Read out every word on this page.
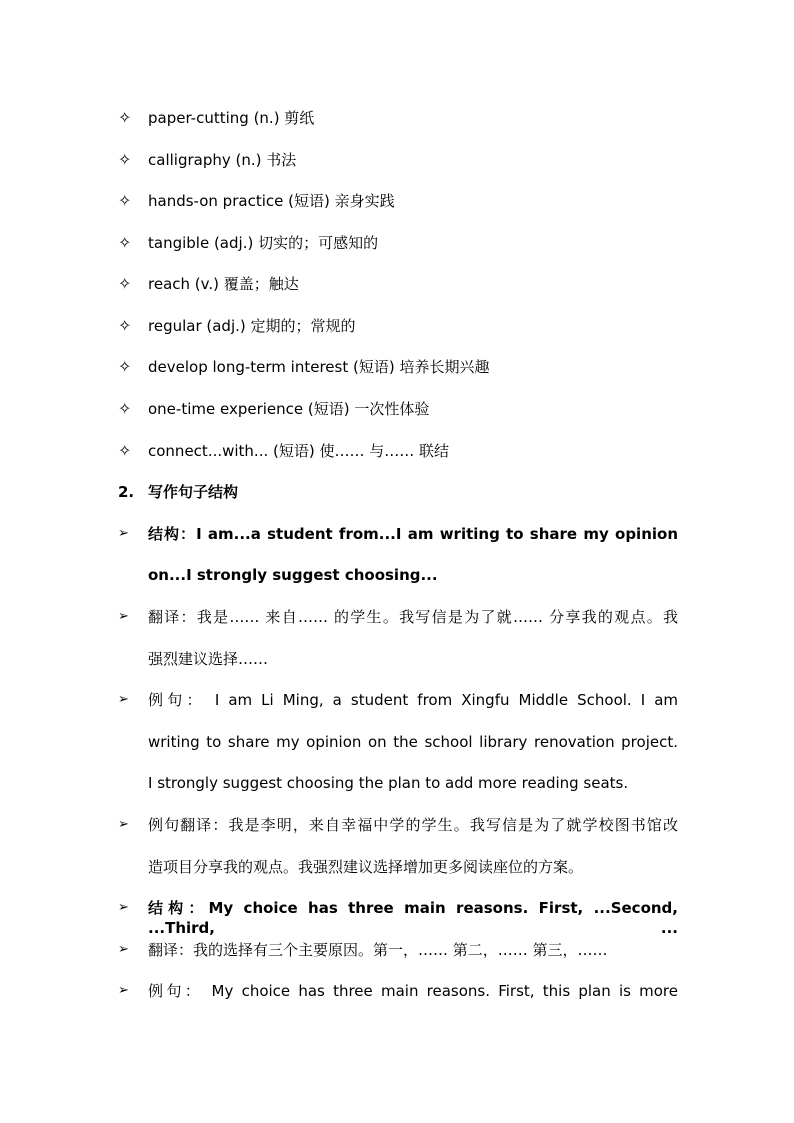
✧ paper-cutting (n.) 剪纸
✧ calligraphy (n.) 书法
✧ hands-on practice (短语) 亲身实践
✧ tangible (adj.) 切实的；可感知的
✧ reach (v.) 覆盖；触达
✧ regular (adj.) 定期的；常规的
✧ develop long-term interest (短语) 培养长期兴趣
✧ one-time experience (短语) 一次性体验
✧ connect...with... (短语) 使…… 与…… 联结
2. 写作句子结构
➢ 结构：I am...a student from...I am writing to share my opinion
on...I strongly suggest choosing...
➢ 翻译：我是…… 来自…… 的学生。我写信是为了就…… 分享我的观点。我
强烈建议选择……
➢ 例句： I am Li Ming, a student from Xingfu Middle School. I am
writing to share my opinion on the school library renovation project.
I strongly suggest choosing the plan to add more reading seats.
➢ 例句翻译：我是李明，来自幸福中学的学生。我写信是为了就学校图书馆改
造项目分享我的观点。我强烈建议选择增加更多阅读座位的方案。
➢ 结构：My choice has three main reasons. First, ...Second, ...Third, ...
➢ 翻译：我的选择有三个主要原因。第一，…… 第二，…… 第三，……
➢ 例句： My choice has three main reasons. First, this plan is more
